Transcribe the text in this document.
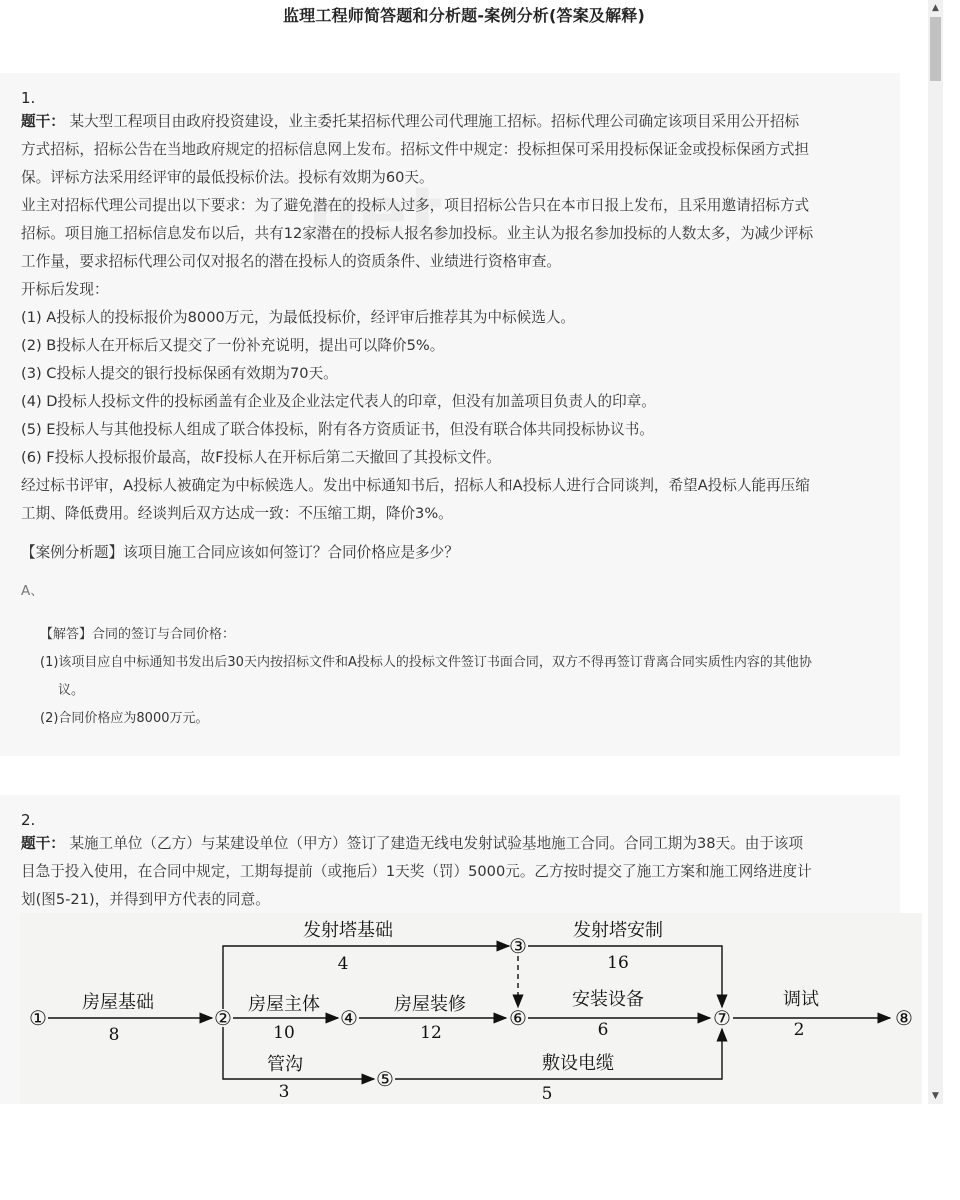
监理工程师简答题和分析题-案例分析(答案及解释)
net
1.
题干： 某大型工程项目由政府投资建设，业主委托某招标代理公司代理施工招标。招标代理公司确定该项目采用公开招标
方式招标，招标公告在当地政府规定的招标信息网上发布。招标文件中规定：投标担保可采用投标保证金或投标保函方式担
保。评标方法采用经评审的最低投标价法。投标有效期为60天。
业主对招标代理公司提出以下要求：为了避免潜在的投标人过多，项目招标公告只在本市日报上发布，且采用邀请招标方式
招标。项目施工招标信息发布以后，共有12家潜在的投标人报名参加投标。业主认为报名参加投标的人数太多，为减少评标
工作量，要求招标代理公司仅对报名的潜在投标人的资质条件、业绩进行资格审查。
开标后发现：
(1) A投标人的投标报价为8000万元，为最低投标价，经评审后推荐其为中标候选人。
(2) B投标人在开标后又提交了一份补充说明，提出可以降价5%。
(3) C投标人提交的银行投标保函有效期为70天。
(4) D投标人投标文件的投标函盖有企业及企业法定代表人的印章，但没有加盖项目负责人的印章。
(5) E投标人与其他投标人组成了联合体投标，附有各方资质证书，但没有联合体共同投标协议书。
(6) F投标人投标报价最高，故F投标人在开标后第二天撤回了其投标文件。
经过标书评审，A投标人被确定为中标候选人。发出中标通知书后，招标人和A投标人进行合同谈判，希望A投标人能再压缩
工期、降低费用。经谈判后双方达成一致：不压缩工期，降价3%。
【案例分析题】该项目施工合同应该如何签订？合同价格应是多少？
A、
【解答】合同的签订与合同价格：
(1)该项目应自中标通知书发出后30天内按招标文件和A投标人的投标文件签订书面合同，双方不得再签订背离合同实质性内容的其他协
议。
(2)合同价格应为8000万元。
2.
题干： 某施工单位（乙方）与某建设单位（甲方）签订了建造无线电发射试验基地施工合同。合同工期为38天。由于该项
目急于投入使用，在合同中规定，工期每提前（或拖后）1天奖（罚）5000元。乙方按时提交了施工方案和施工网络进度计
划(图5-21)，并得到甲方代表的同意。
①	②
③
④
⑤
⑥	⑦	⑧
房屋基础
8
发射塔基础
4
房屋主体
10
管沟
3
发射塔安制
16
房屋装修
12
安装设备
6
敷设电缆
5
调试
2
▲
▼
